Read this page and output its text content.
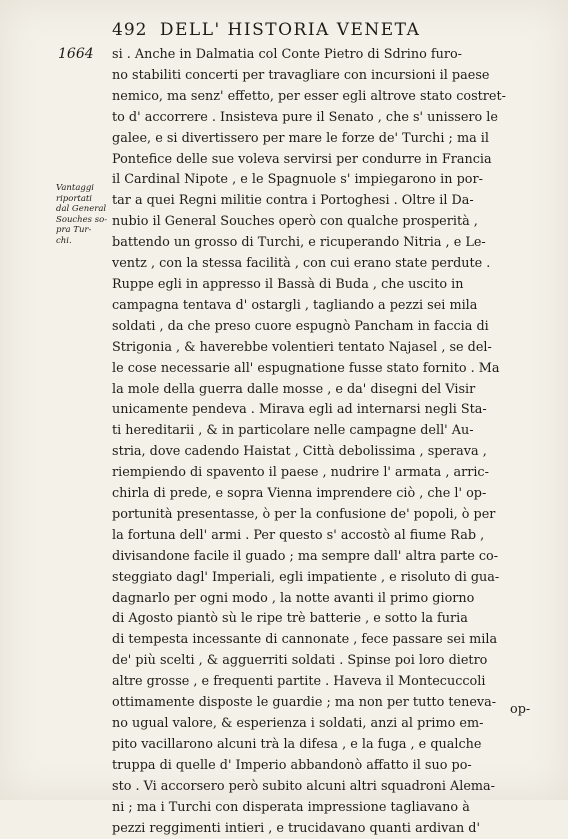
492 DELL' HISTORIA VENETA
1664
Vantaggi
riportati
dal General
Souches so-
pra Tur-
chi.
si . Anche in Dalmatia col Conte Pietro di Sdrino furo-
no stabiliti concerti per travagliare con incursioni il paese
nemico, ma senz' effetto, per esser egli altrove stato costret-
to d' accorrere . Insisteva pure il Senato , che s' unissero le
galee, e si divertissero per mare le forze de' Turchi ; ma il
Pontefice delle sue voleva servirsi per condurre in Francia
il Cardinal Nipote , e le Spagnuole s' impiegarono in por-
tar a quei Regni militie contra i Portoghesi . Oltre il Da-
nubio il General Souches operò con qualche prosperità ,
battendo un grosso di Turchi, e ricuperando Nitria , e Le-
ventz , con la stessa facilità , con cui erano state perdute .
Ruppe egli in appresso il Bassà di Buda , che uscito in
campagna tentava d' ostargli , tagliando a pezzi sei mila
soldati , da che preso cuore espugnò Pancham in faccia di
Strigonia , & haverebbe volentieri tentato Najasel , se del-
le cose necessarie all' espugnatione fusse stato fornito . Ma
la mole della guerra dalle mosse , e da' disegni del Visir
unicamente pendeva . Mirava egli ad internarsi negli Sta-
ti hereditarii , & in particolare nelle campagne dell' Au-
stria, dove cadendo Haistat , Città debolissima , sperava ,
riempiendo di spavento il paese , nudrire l' armata , arric-
chirla di prede, e sopra Vienna imprendere ciò , che l' op-
portunità presentasse, ò per la confusione de' popoli, ò per
la fortuna dell' armi . Per questo s' accostò al fiume Rab ,
divisandone facile il guado ; ma sempre dall' altra parte co-
steggiato dagl' Imperiali, egli impatiente , e risoluto di gua-
dagnarlo per ogni modo , la notte avanti il primo giorno
di Agosto piantò sù le ripe trè batterie , e sotto la furia
di tempesta incessante di cannonate , fece passare sei mila
de' più scelti , & agguerriti soldati . Spinse poi loro dietro
altre grosse , e frequenti partite . Haveva il Montecuccoli
ottimamente disposte le guardie ; ma non per tutto teneva-
no ugual valore, & esperienza i soldati, anzi al primo em-
pito vacillarono alcuni trà la difesa , e la fuga , e qualche
truppa di quelle d' Imperio abbandonò affatto il suo po-
sto . Vi accorsero però subito alcuni altri squadroni Alema-
ni ; ma i Turchi con disperata impressione tagliavano à
pezzi reggimenti intieri , e trucidavano quanti ardivan d'
op-
